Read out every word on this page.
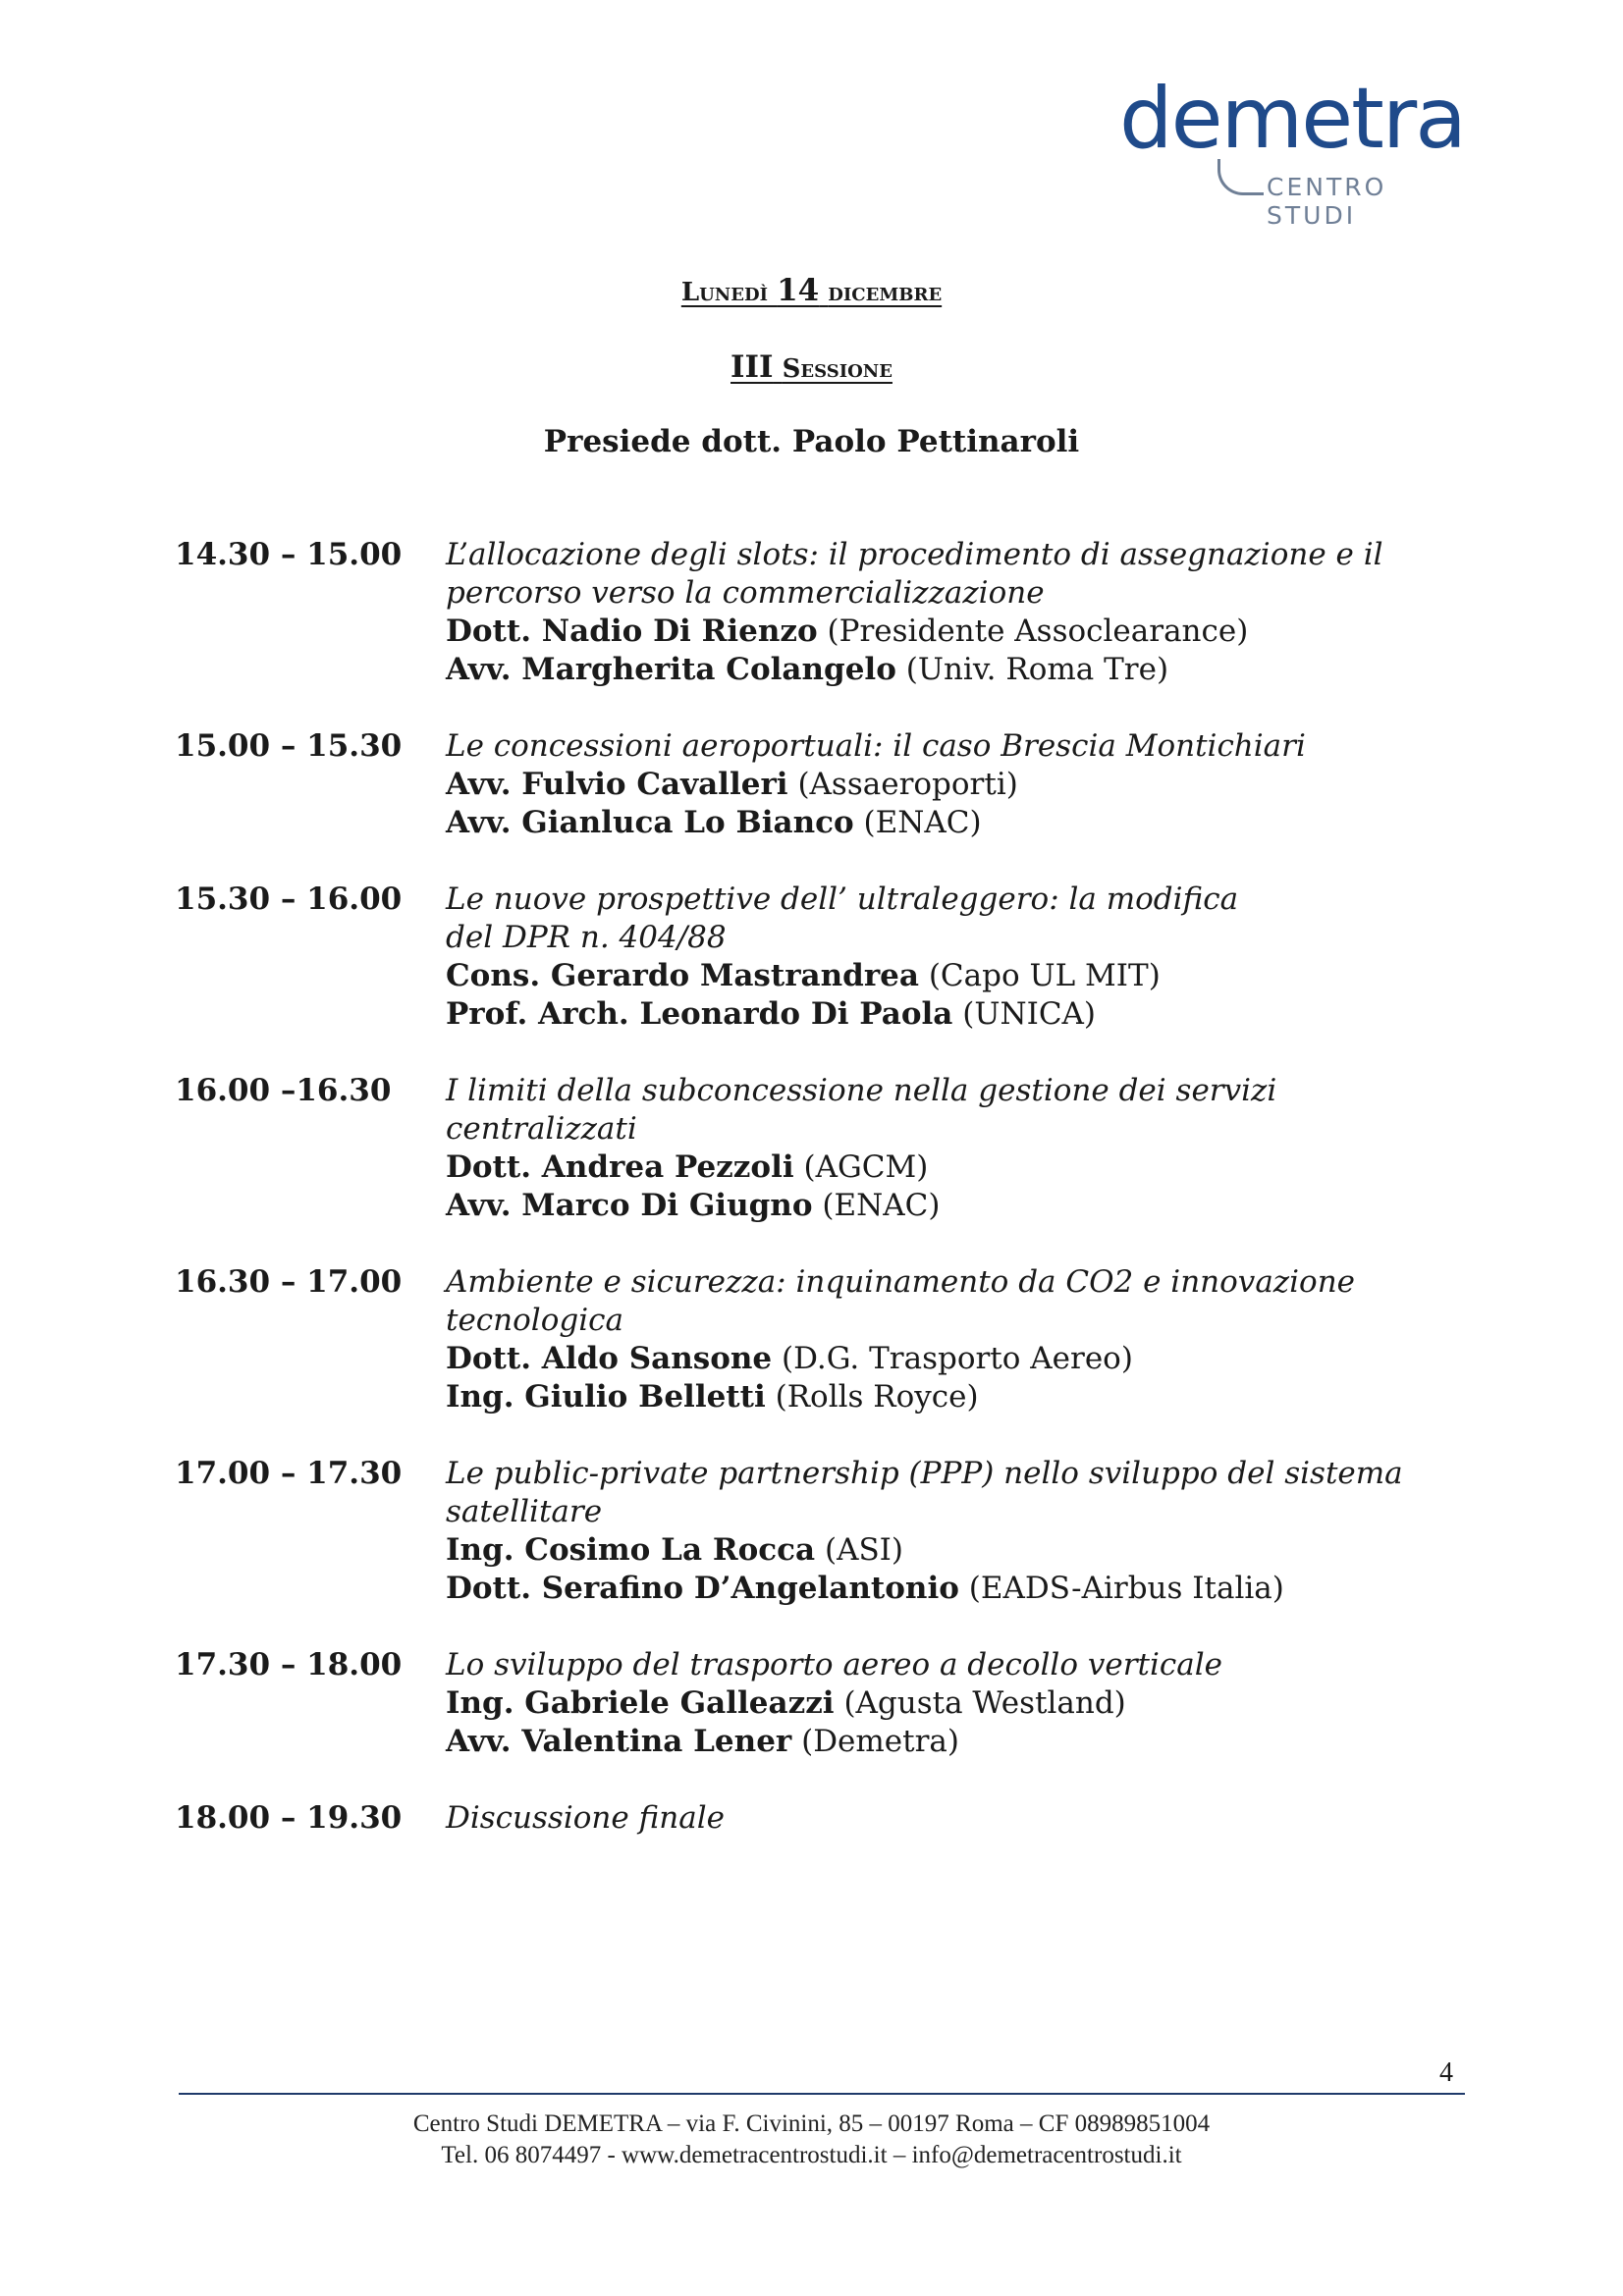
demetra
CENTRO STUDI
Lunedì 14 dicembre
III Sessione
Presiede dott. Paolo Pettinaroli
14.30 – 15.00	L’allocazione degli slots: il procedimento di assegnazione e il
percorso verso la commercializzazione
Dott. Nadio Di Rienzo (Presidente Assoclearance)
Avv. Margherita Colangelo (Univ. Roma Tre)
15.00 – 15.30	Le concessioni aeroportuali: il caso Brescia Montichiari
Avv. Fulvio Cavalleri (Assaeroporti)
Avv. Gianluca Lo Bianco (ENAC)
15.30 – 16.00	Le nuove prospettive dell’ ultraleggero: la modifica
del DPR n. 404/88
Cons. Gerardo Mastrandrea (Capo UL MIT)
Prof. Arch. Leonardo Di Paola (UNICA)
16.00 –16.30	I limiti della subconcessione nella gestione dei servizi
centralizzati
Dott. Andrea Pezzoli (AGCM)
Avv. Marco Di Giugno (ENAC)
16.30 – 17.00	Ambiente e sicurezza: inquinamento da CO2 e innovazione
tecnologica
Dott. Aldo Sansone (D.G. Trasporto Aereo)
Ing. Giulio Belletti (Rolls Royce)
17.00 – 17.30	Le public-private partnership (PPP) nello sviluppo del sistema
satellitare
Ing. Cosimo La Rocca (ASI)
Dott. Serafino D’Angelantonio (EADS-Airbus Italia)
17.30 – 18.00	Lo sviluppo del trasporto aereo a decollo verticale
Ing. Gabriele Galleazzi (Agusta Westland)
Avv. Valentina Lener (Demetra)
18.00 – 19.30	Discussione finale
4
Centro Studi DEMETRA – via F. Civinini, 85 – 00197 Roma – CF 08989851004
Tel. 06 8074497 - www.demetracentrostudi.it – info@demetracentrostudi.it
